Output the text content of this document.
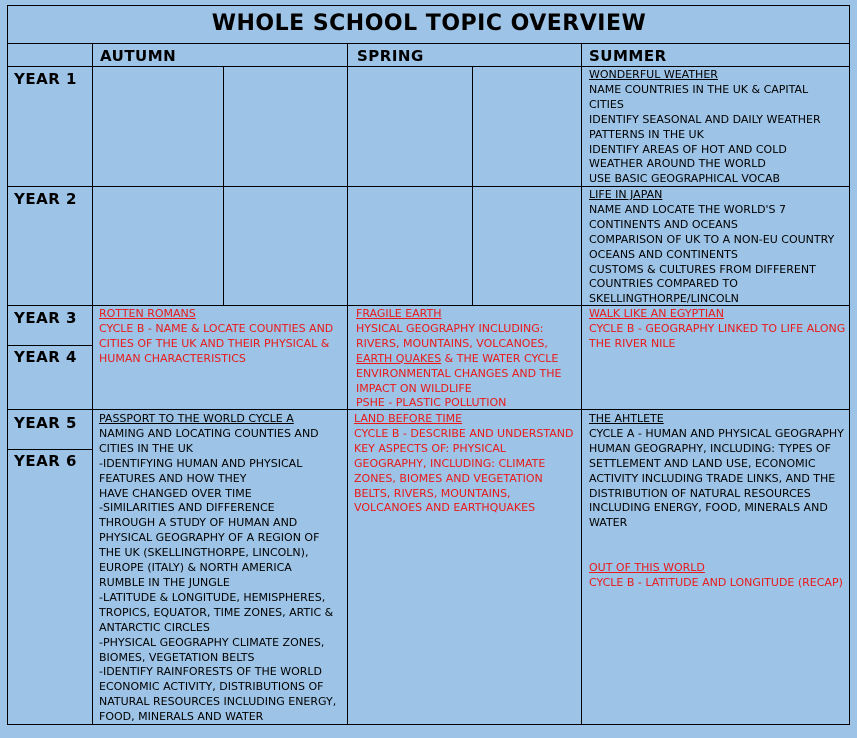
WHOLE SCHOOL TOPIC OVERVIEW
AUTUMN	SPRING	SUMMER
YEAR 1
YEAR 2
YEAR 3
YEAR 4
YEAR 5
YEAR 6
WONDERFUL WEATHER
NAME COUNTRIES IN THE UK & CAPITAL
CITIES
IDENTIFY SEASONAL AND DAILY WEATHER
PATTERNS IN THE UK
IDENTIFY AREAS OF HOT AND COLD
WEATHER AROUND THE WORLD
USE BASIC GEOGRAPHICAL VOCAB
LIFE IN JAPAN
NAME AND LOCATE THE WORLD'S 7
CONTINENTS AND OCEANS
COMPARISON OF UK TO A NON-EU COUNTRY
OCEANS AND CONTINENTS
CUSTOMS & CULTURES FROM DIFFERENT
COUNTRIES COMPARED TO
SKELLINGTHORPE/LINCOLN
ROTTEN ROMANS
CYCLE B - NAME & LOCATE COUNTIES AND
CITIES OF THE UK AND THEIR PHYSICAL &
HUMAN CHARACTERISTICS
FRAGILE EARTH
HYSICAL GEOGRAPHY INCLUDING:
RIVERS, MOUNTAINS, VOLCANOES,
EARTH QUAKES & THE WATER CYCLE
ENVIRONMENTAL CHANGES AND THE
IMPACT ON WILDLIFE
PSHE - PLASTIC POLLUTION
WALK LIKE AN EGYPTIAN
CYCLE B - GEOGRAPHY LINKED TO LIFE ALONG
THE RIVER NILE
PASSPORT TO THE WORLD CYCLE A
NAMING AND LOCATING COUNTIES AND
CITIES IN THE UK
-IDENTIFYING HUMAN AND PHYSICAL
FEATURES AND HOW THEY
HAVE CHANGED OVER TIME
-SIMILARITIES AND DIFFERENCE
THROUGH A STUDY OF HUMAN AND
PHYSICAL GEOGRAPHY OF A REGION OF
THE UK (SKELLINGTHORPE, LINCOLN),
EUROPE (ITALY) & NORTH AMERICA
RUMBLE IN THE JUNGLE
-LATITUDE & LONGITUDE, HEMISPHERES,
TROPICS, EQUATOR, TIME ZONES, ARTIC &
ANTARCTIC CIRCLES
-PHYSICAL GEOGRAPHY CLIMATE ZONES,
BIOMES, VEGETATION BELTS
-IDENTIFY RAINFORESTS OF THE WORLD
ECONOMIC ACTIVITY, DISTRIBUTIONS OF
NATURAL RESOURCES INCLUDING ENERGY,
FOOD, MINERALS AND WATER
LAND BEFORE TIME
CYCLE B - DESCRIBE AND UNDERSTAND
KEY ASPECTS OF: PHYSICAL
GEOGRAPHY, INCLUDING: CLIMATE
ZONES, BIOMES AND VEGETATION
BELTS, RIVERS, MOUNTAINS,
VOLCANOES AND EARTHQUAKES
THE AHTLETE
CYCLE A - HUMAN AND PHYSICAL GEOGRAPHY
HUMAN GEOGRAPHY, INCLUDING: TYPES OF
SETTLEMENT AND LAND USE, ECONOMIC
ACTIVITY INCLUDING TRADE LINKS, AND THE
DISTRIBUTION OF NATURAL RESOURCES
INCLUDING ENERGY, FOOD, MINERALS AND
WATER
OUT OF THIS WORLD
CYCLE B - LATITUDE AND LONGITUDE (RECAP)
